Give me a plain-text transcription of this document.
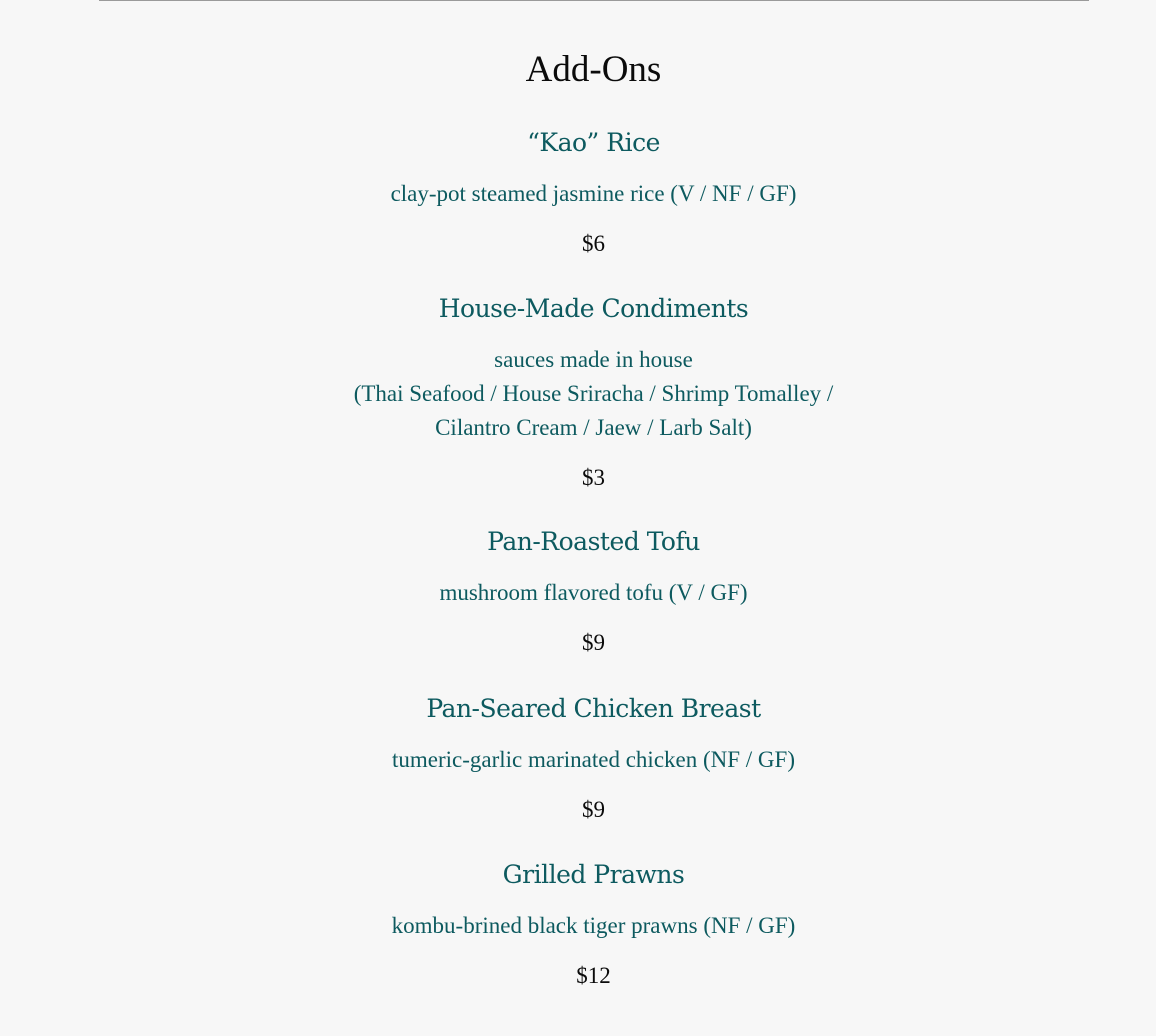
Add-Ons
“Kao” Rice

clay-pot steamed jasmine rice (V / NF / GF)

$6

House-Made Condiments

sauces made in house

(Thai Seafood / House Sriracha / Shrimp Tomalley /

Cilantro Cream / Jaew / Larb Salt)

$3

Pan-Roasted Tofu

mushroom flavored tofu (V / GF)

$9

Pan-Seared Chicken Breast

tumeric-garlic marinated chicken (NF / GF)

$9

Grilled Prawns

kombu-brined black tiger prawns (NF / GF)

$12
